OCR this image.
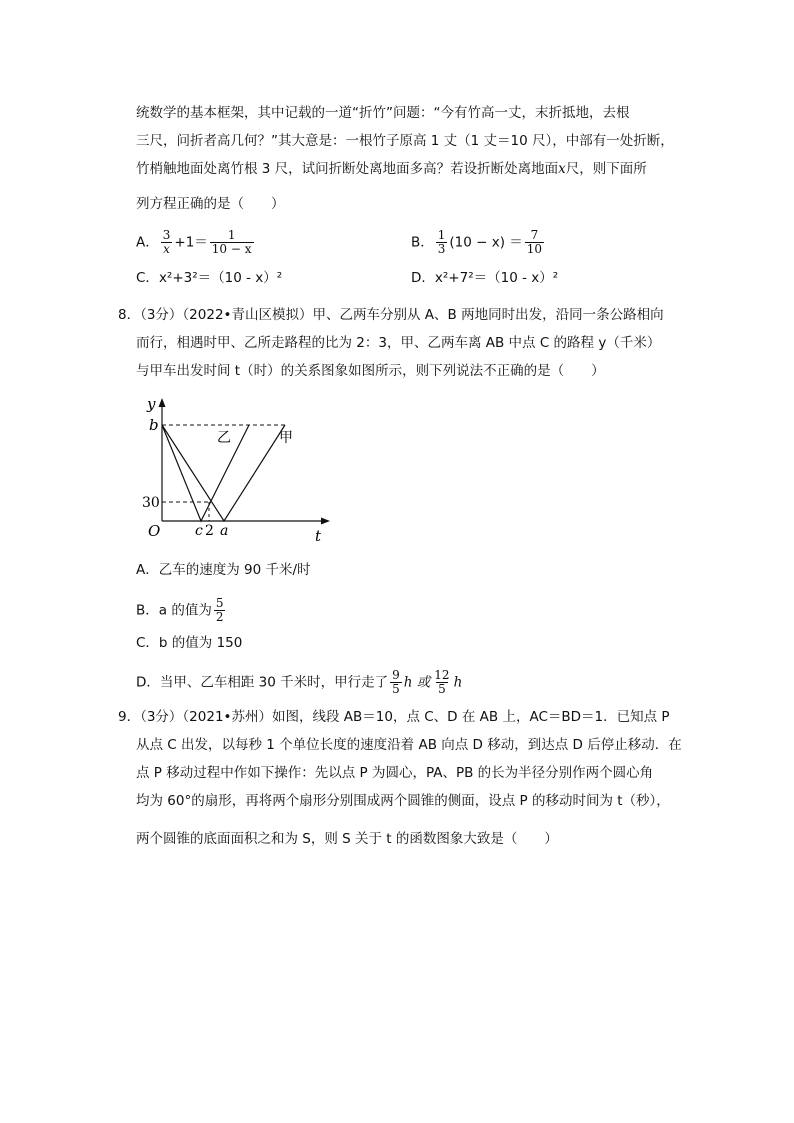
统数学的基本框架，其中记载的一道“折竹”问题：“今有竹高一丈，末折抵地，去根
三尺，问折者高几何？”其大意是：一根竹子原高 1 丈（1 丈＝10 尺），中部有一处折断，
竹梢触地面处离竹根 3 尺，试问折断处离地面多高？若设折断处离地面x尺，则下面所
列方程正确的是（　　）
A． $\frac{3}{x} +1= \frac{1}{10 - x}$	B． $\frac{1}{3} (10 - x) = \frac{7}{10}$
C．x²+3²＝（10 - x）²	D．x²+7²＝（10 - x）²
8．（3分）（2022•青山区模拟）甲、乙两车分别从 A、B 两地同时出发，沿同一条公路相向
而行，相遇时甲、乙所走路程的比为 2：3，甲、乙两车离 AB 中点 C 的路程 y（千米）
与甲车出发时间 t（时）的关系图象如图所示，则下列说法不正确的是（　　）
y
t
b
30
O c 2 a
乙	甲
A．乙车的速度为 90 千米/时
B．a 的值为 $\frac{5}{2}$
C．b 的值为 150
D．当甲、乙车相距 30 千米时，甲行走了 $\frac{9}{5}$ h 或 $\frac{12}{5}$ h
9．（3分）（2021•苏州）如图，线段 AB＝10，点 C、D 在 AB 上，AC＝BD＝1．已知点 P
从点 C 出发，以每秒 1 个单位长度的速度沿着 AB 向点 D 移动，到达点 D 后停止移动．在
点 P 移动过程中作如下操作：先以点 P 为圆心，PA、PB 的长为半径分别作两个圆心角
均为 60°的扇形，再将两个扇形分别围成两个圆锥的侧面，设点 P 的移动时间为 t（秒），
两个圆锥的底面面积之和为 S，则 S 关于 t 的函数图象大致是（　　）
